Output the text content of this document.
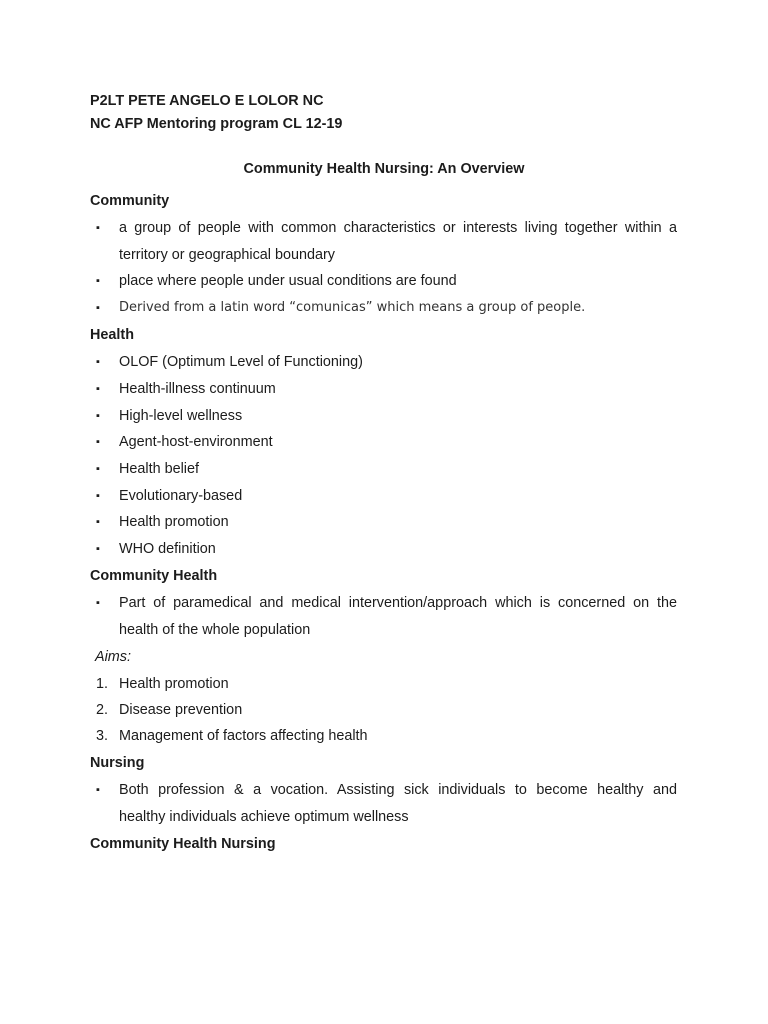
P2LT PETE ANGELO E LOLOR NC
NC AFP Mentoring program CL 12-19
Community Health Nursing: An Overview
Community
▪ a group of people with common characteristics or interests living together within a
territory or geographical boundary
▪ place where people under usual conditions are found
▪ Derived from a latin word “comunicas” which means a group of people.
Health
▪ OLOF (Optimum Level of Functioning)
▪ Health-illness continuum
▪ High-level wellness
▪ Agent-host-environment
▪ Health belief
▪ Evolutionary-based
▪ Health promotion
▪ WHO definition
Community Health
▪ Part of paramedical and medical intervention/approach which is concerned on the
health of the whole population
Aims:
1. Health promotion
2. Disease prevention
3. Management of factors affecting health
Nursing
▪ Both profession & a vocation. Assisting sick individuals to become healthy and
healthy individuals achieve optimum wellness
Community Health Nursing
